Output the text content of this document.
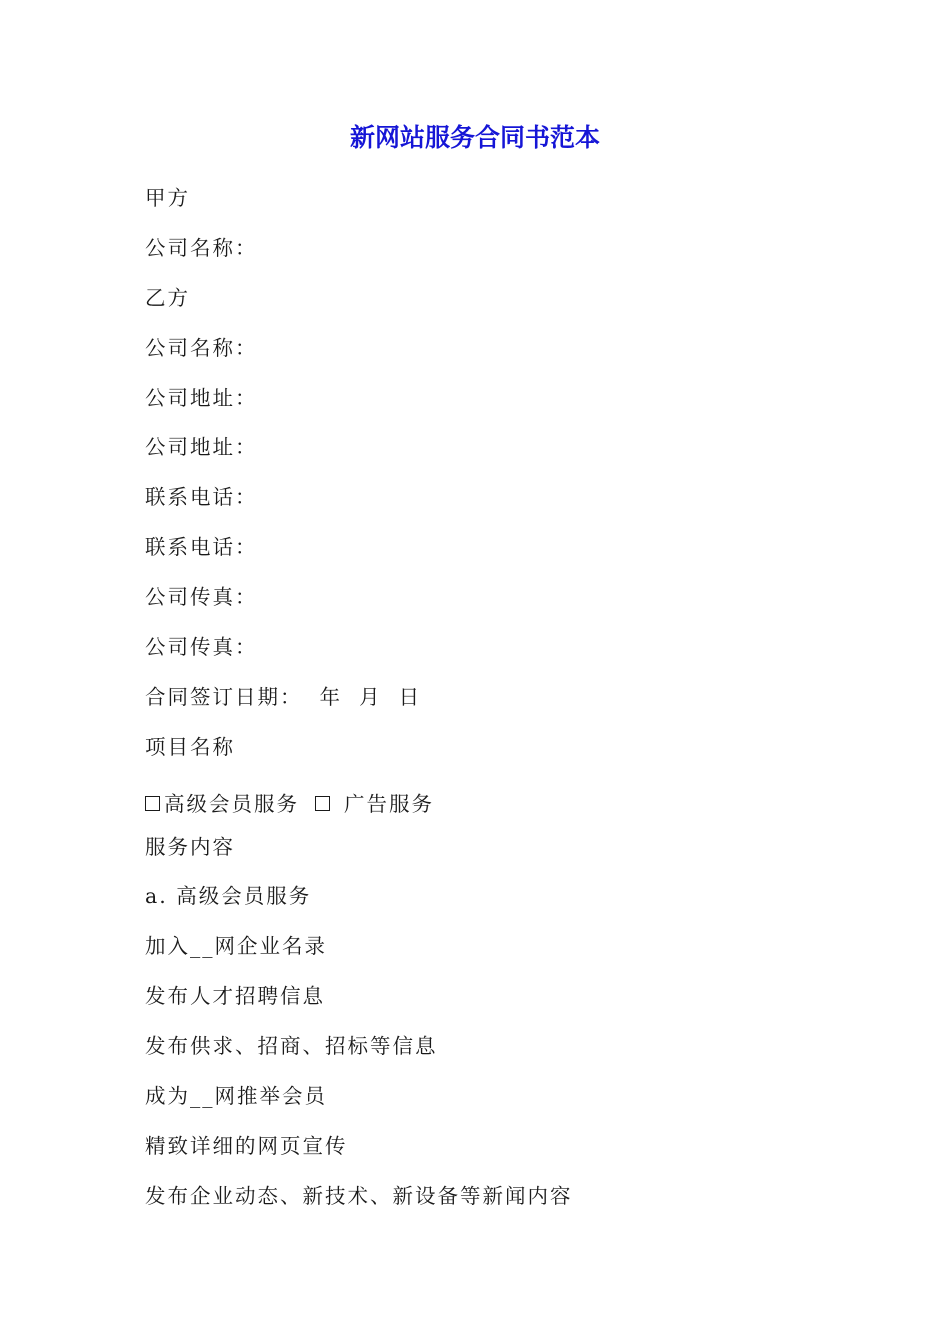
新网站服务合同书范本
甲方
公司名称：
乙方
公司名称：
公司地址：
公司地址：
联系电话：
联系电话：
公司传真：
公司传真：
合同签订日期：  年  月  日
项目名称
高级会员服务 广告服务
服务内容
a. 高级会员服务
加入__网企业名录
发布人才招聘信息
发布供求、招商、招标等信息
成为__网推举会员
精致详细的网页宣传
发布企业动态、新技术、新设备等新闻内容
